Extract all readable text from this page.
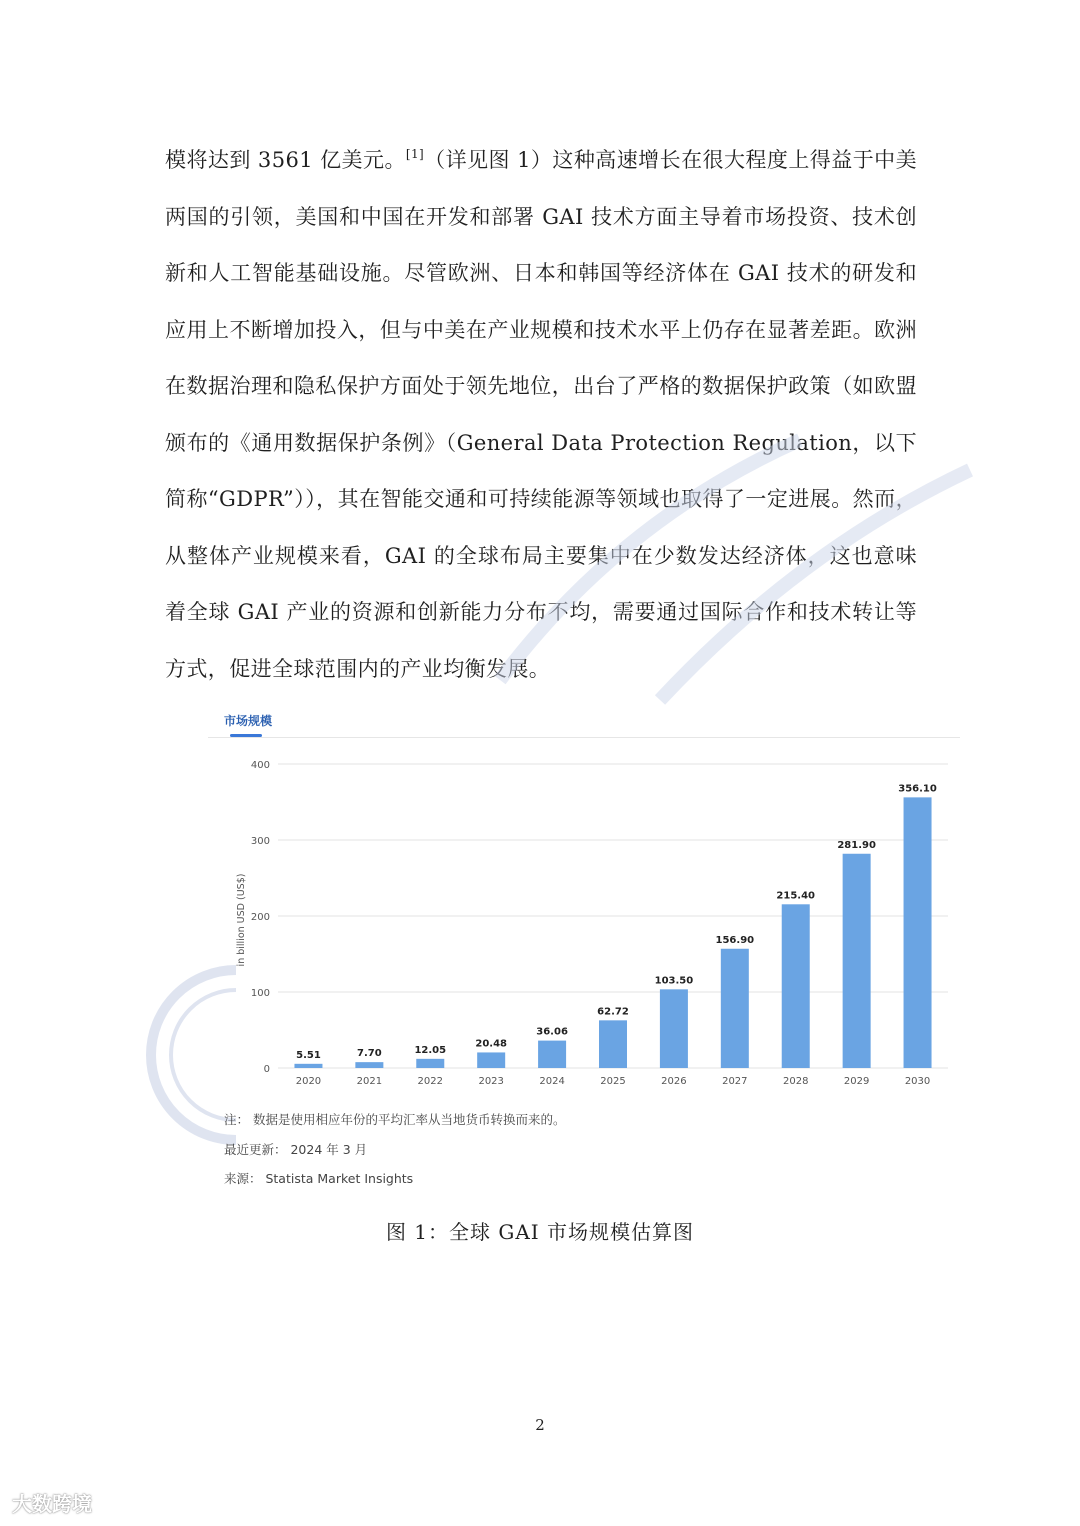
模将达到 3561 亿美元。[1]（详见图 1）这种高速增长在很大程度上得益于中美两国的引领，美国和中国在开发和部署 GAI 技术方面主导着市场投资、技术创新和人工智能基础设施。尽管欧洲、日本和韩国等经济体在 GAI 技术的研发和应用上不断增加投入，但与中美在产业规模和技术水平上仍存在显著差距。欧洲在数据治理和隐私保护方面处于领先地位，出台了严格的数据保护政策（如欧盟颁布的《通用数据保护条例》（General Data Protection Regulation，以下简称“GDPR”）），其在智能交通和可持续能源等领域也取得了一定进展。然而，从整体产业规模来看，GAI 的全球布局主要集中在少数发达经济体，这也意味着全球 GAI 产业的资源和创新能力分布不均，需要通过国际合作和技术转让等方式，促进全球范围内的产业均衡发展。
市场规模
0
100
200
300
400
in billion USD (US$)
5.51
2020
7.70
2021
12.05
2022
20.48
2023
36.06
2024
62.72
2025
103.50
2026
156.90
2027
215.40
2028
281.90
2029
356.10
2030
注： 数据是使用相应年份的平均汇率从当地货币转换而来的。
最近更新： 2024 年 3 月
来源： Statista Market Insights
图 1：全球 GAI 市场规模估算图
2
大数跨境
